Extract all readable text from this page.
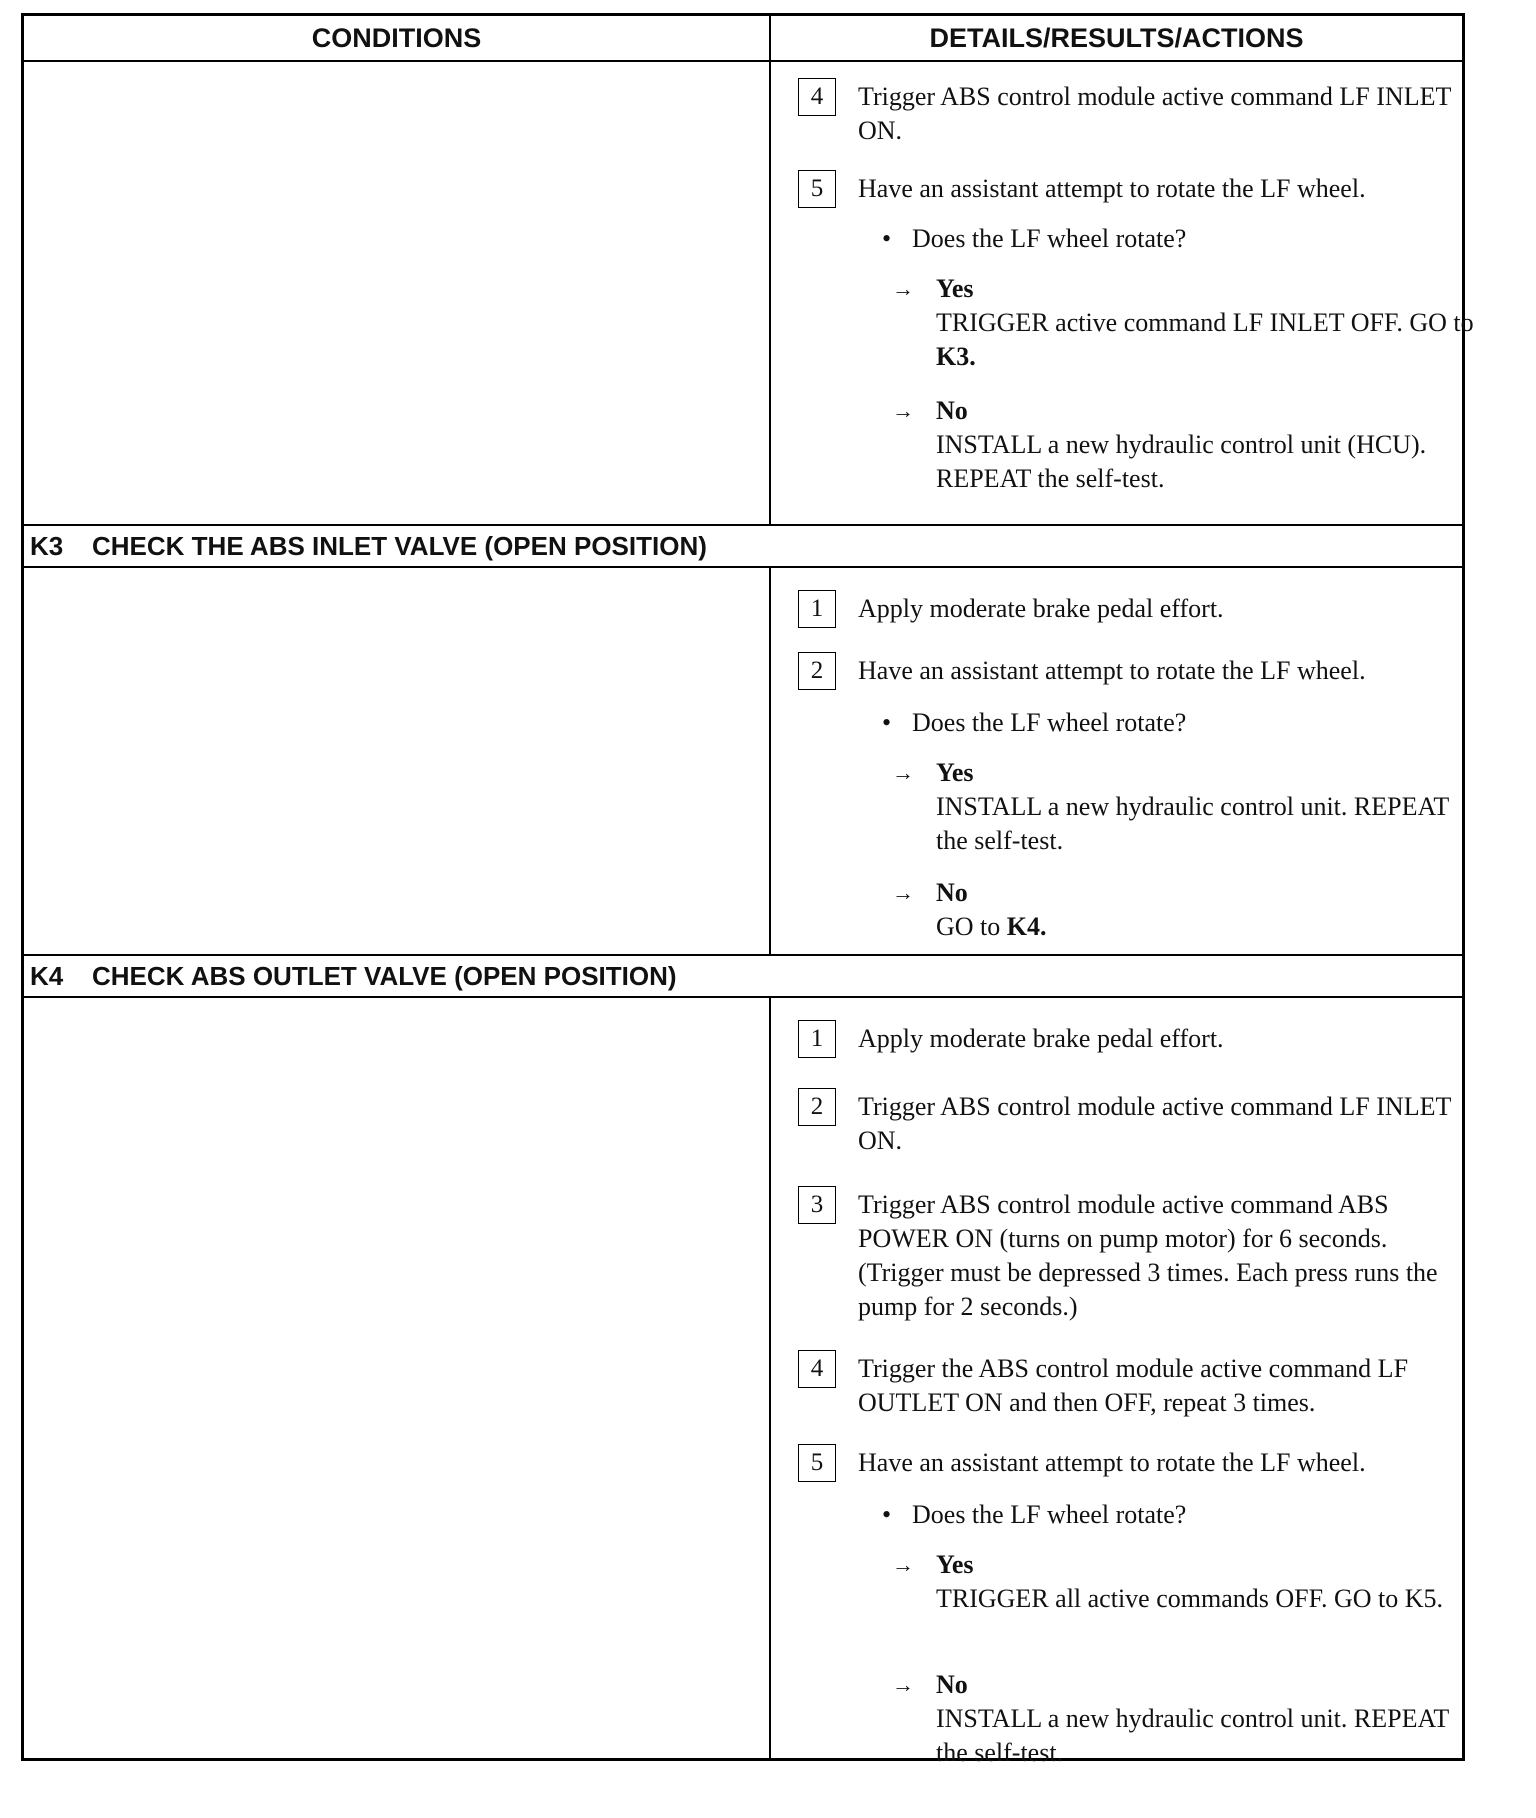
CONDITIONS	DETAILS/RESULTS/ACTIONS
4	Trigger ABS control module active command LF INLET ON.
5	Have an assistant attempt to rotate the LF wheel.
• Does the LF wheel rotate?
→ Yes
TRIGGER active command LF INLET OFF. GO to K3.
→ No
INSTALL a new hydraulic control unit (HCU). REPEAT the self-test.
K3 CHECK THE ABS INLET VALVE (OPEN POSITION)
1	Apply moderate brake pedal effort.
2	Have an assistant attempt to rotate the LF wheel.
• Does the LF wheel rotate?
→ Yes
INSTALL a new hydraulic control unit. REPEAT the self-test.
→ No
GO to K4.
K4 CHECK ABS OUTLET VALVE (OPEN POSITION)
1	Apply moderate brake pedal effort.
2	Trigger ABS control module active command LF INLET ON.
3	Trigger ABS control module active command ABS POWER ON (turns on pump motor) for 6 seconds. (Trigger must be depressed 3 times. Each press runs the pump for 2 seconds.)
4	Trigger the ABS control module active command LF OUTLET ON and then OFF, repeat 3 times.
5	Have an assistant attempt to rotate the LF wheel.
• Does the LF wheel rotate?
→ Yes
TRIGGER all active commands OFF. GO to K5.
→ No
INSTALL a new hydraulic control unit. REPEAT the self-test.
